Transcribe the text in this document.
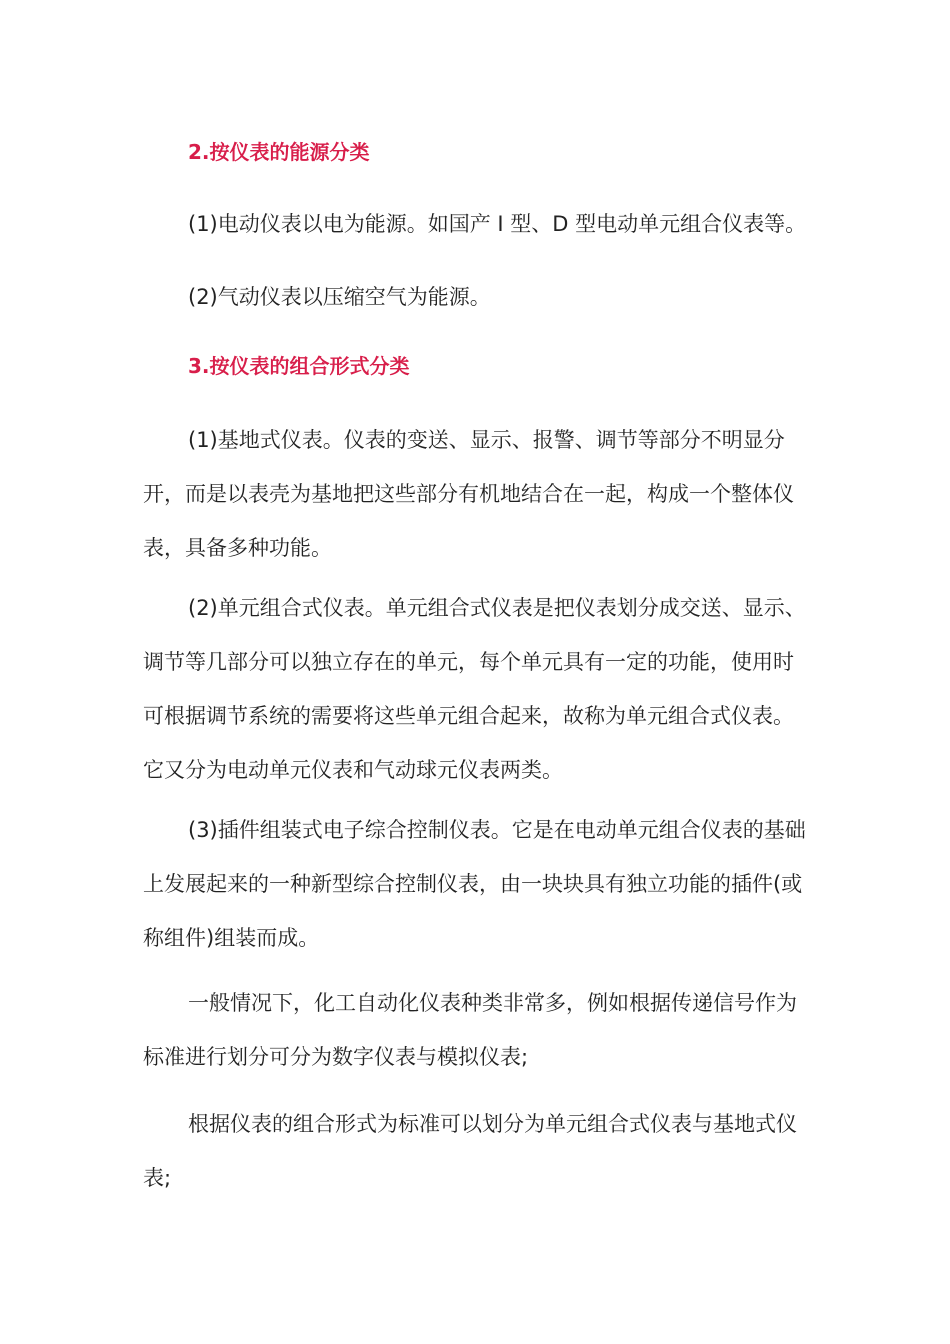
2.按仪表的能源分类
(1)电动仪表以电为能源。如国产 I 型、D 型电动单元组合仪表等。
(2)气动仪表以压缩空气为能源。
3.按仪表的组合形式分类
(1)基地式仪表。仪表的变送、显示、报警、调节等部分不明显分开，而是以表壳为基地把这些部分有机地结合在一起，构成一个整体仪表，具备多种功能。
(2)单元组合式仪表。单元组合式仪表是把仪表划分成交送、显示、调节等几部分可以独立存在的单元，每个单元具有一定的功能，使用时可根据调节系统的需要将这些单元组合起来，故称为单元组合式仪表。它又分为电动单元仪表和气动球元仪表两类。
(3)插件组装式电子综合控制仪表。它是在电动单元组合仪表的基础上发展起来的一种新型综合控制仪表，由一块块具有独立功能的插件(或称组件)组装而成。
一般情况下，化工自动化仪表种类非常多，例如根据传递信号作为标准进行划分可分为数字仪表与模拟仪表;
根据仪表的组合形式为标准可以划分为单元组合式仪表与基地式仪表;
